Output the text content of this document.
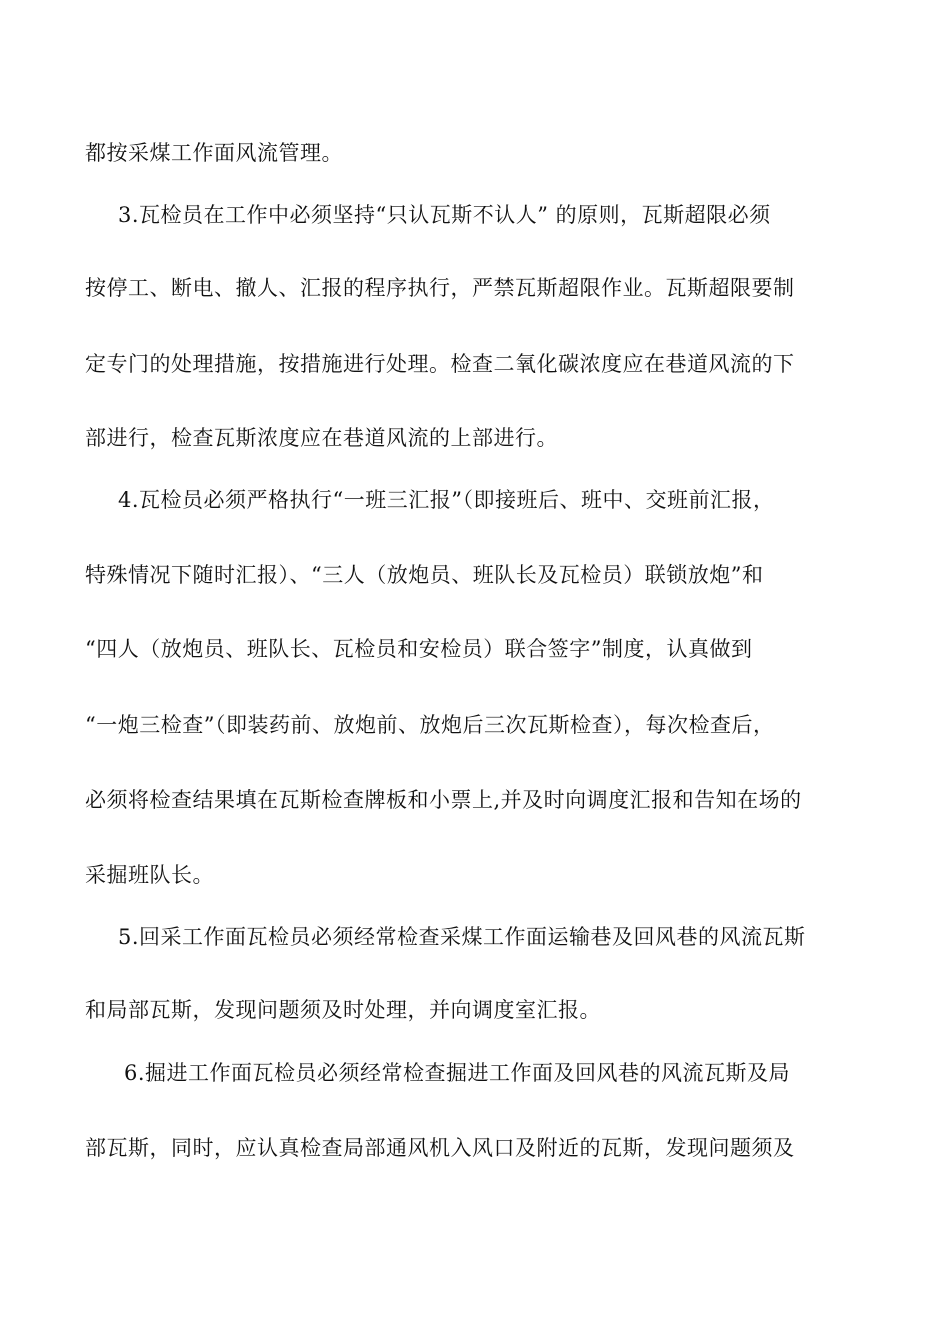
都按采煤工作面风流管理。
3.瓦检员在工作中必须坚持“只认瓦斯不认人” 的原则，瓦斯超限必须
按停工、断电、撤人、汇报的程序执行，严禁瓦斯超限作业。瓦斯超限要制
定专门的处理措施，按措施进行处理。检查二氧化碳浓度应在巷道风流的下
部进行，检查瓦斯浓度应在巷道风流的上部进行。
4.瓦检员必须严格执行“一班三汇报”（即接班后、班中、交班前汇报，
特殊情况下随时汇报）、“三人（放炮员、班队长及瓦检员）联锁放炮”和
“四人（放炮员、班队长、瓦检员和安检员）联合签字”制度，认真做到
“一炮三检查”（即装药前、放炮前、放炮后三次瓦斯检查），每次检查后，
必须将检查结果填在瓦斯检查牌板和小票上,并及时向调度汇报和告知在场的
采掘班队长。
5.回采工作面瓦检员必须经常检查采煤工作面运输巷及回风巷的风流瓦斯
和局部瓦斯，发现问题须及时处理，并向调度室汇报。
6.掘进工作面瓦检员必须经常检查掘进工作面及回风巷的风流瓦斯及局
部瓦斯，同时，应认真检查局部通风机入风口及附近的瓦斯，发现问题须及
